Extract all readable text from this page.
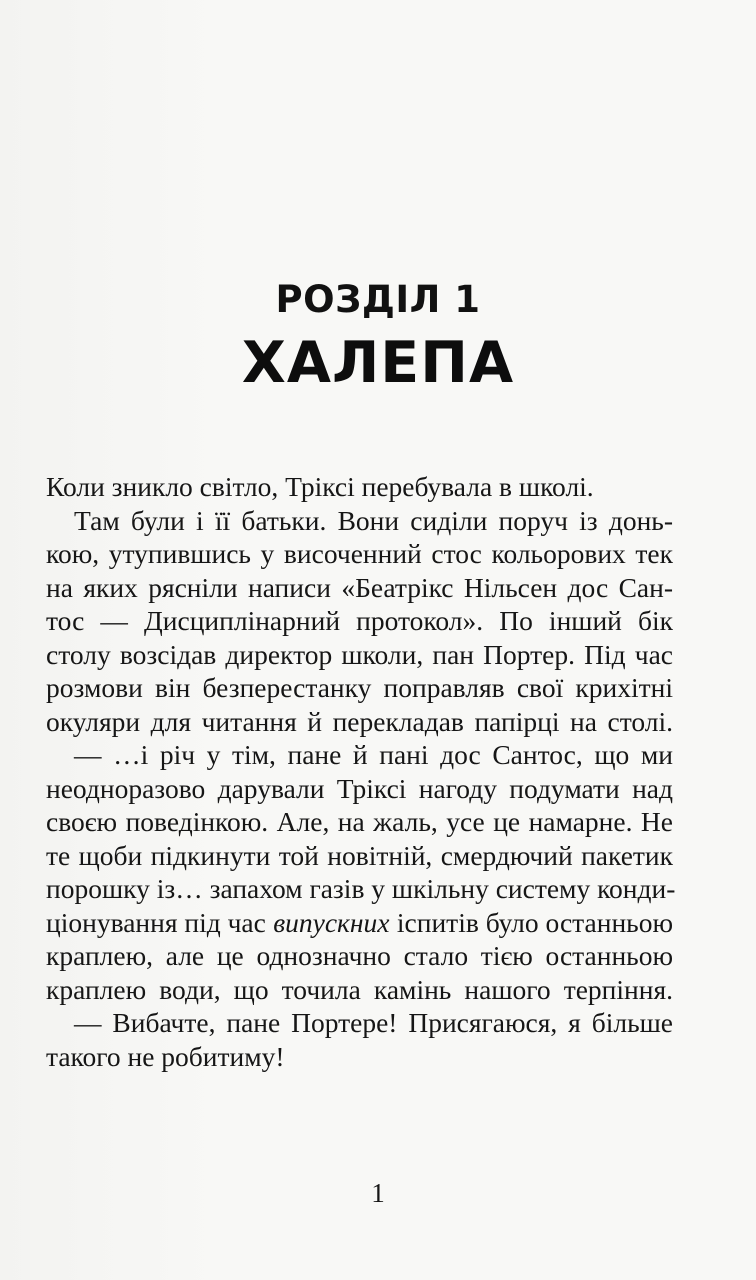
РОЗДІЛ 1
ХАЛЕПА
Коли зникло світло, Тріксі перебувала в школі.
Там були і її батьки. Вони сиділи поруч із донь-
кою, утупившись у височенний стос кольорових тек
на яких рясніли написи «Беатрікс Нільсен дос Сан-
тос — Дисциплінарний протокол». По інший бік
столу возсідав директор школи, пан Портер. Під час
розмови він безперестанку поправляв свої крихітні
окуляри для читання й перекладав папірці на столі.
— …і річ у тім, пане й пані дос Сантос, що ми
неодноразово дарували Тріксі нагоду подумати над
своєю поведінкою. Але, на жаль, усе це намарне. Не
те щоби підкинути той новітній, смердючий пакетик
порошку із… запахом газів у шкільну систему конди-
ціонування під час випускних іспитів було останньою
краплею, але це однозначно стало тією останньою
краплею води, що точила камінь нашого терпіння.
— Вибачте, пане Портере! Присягаюся, я більше
такого не робитиму!
1
